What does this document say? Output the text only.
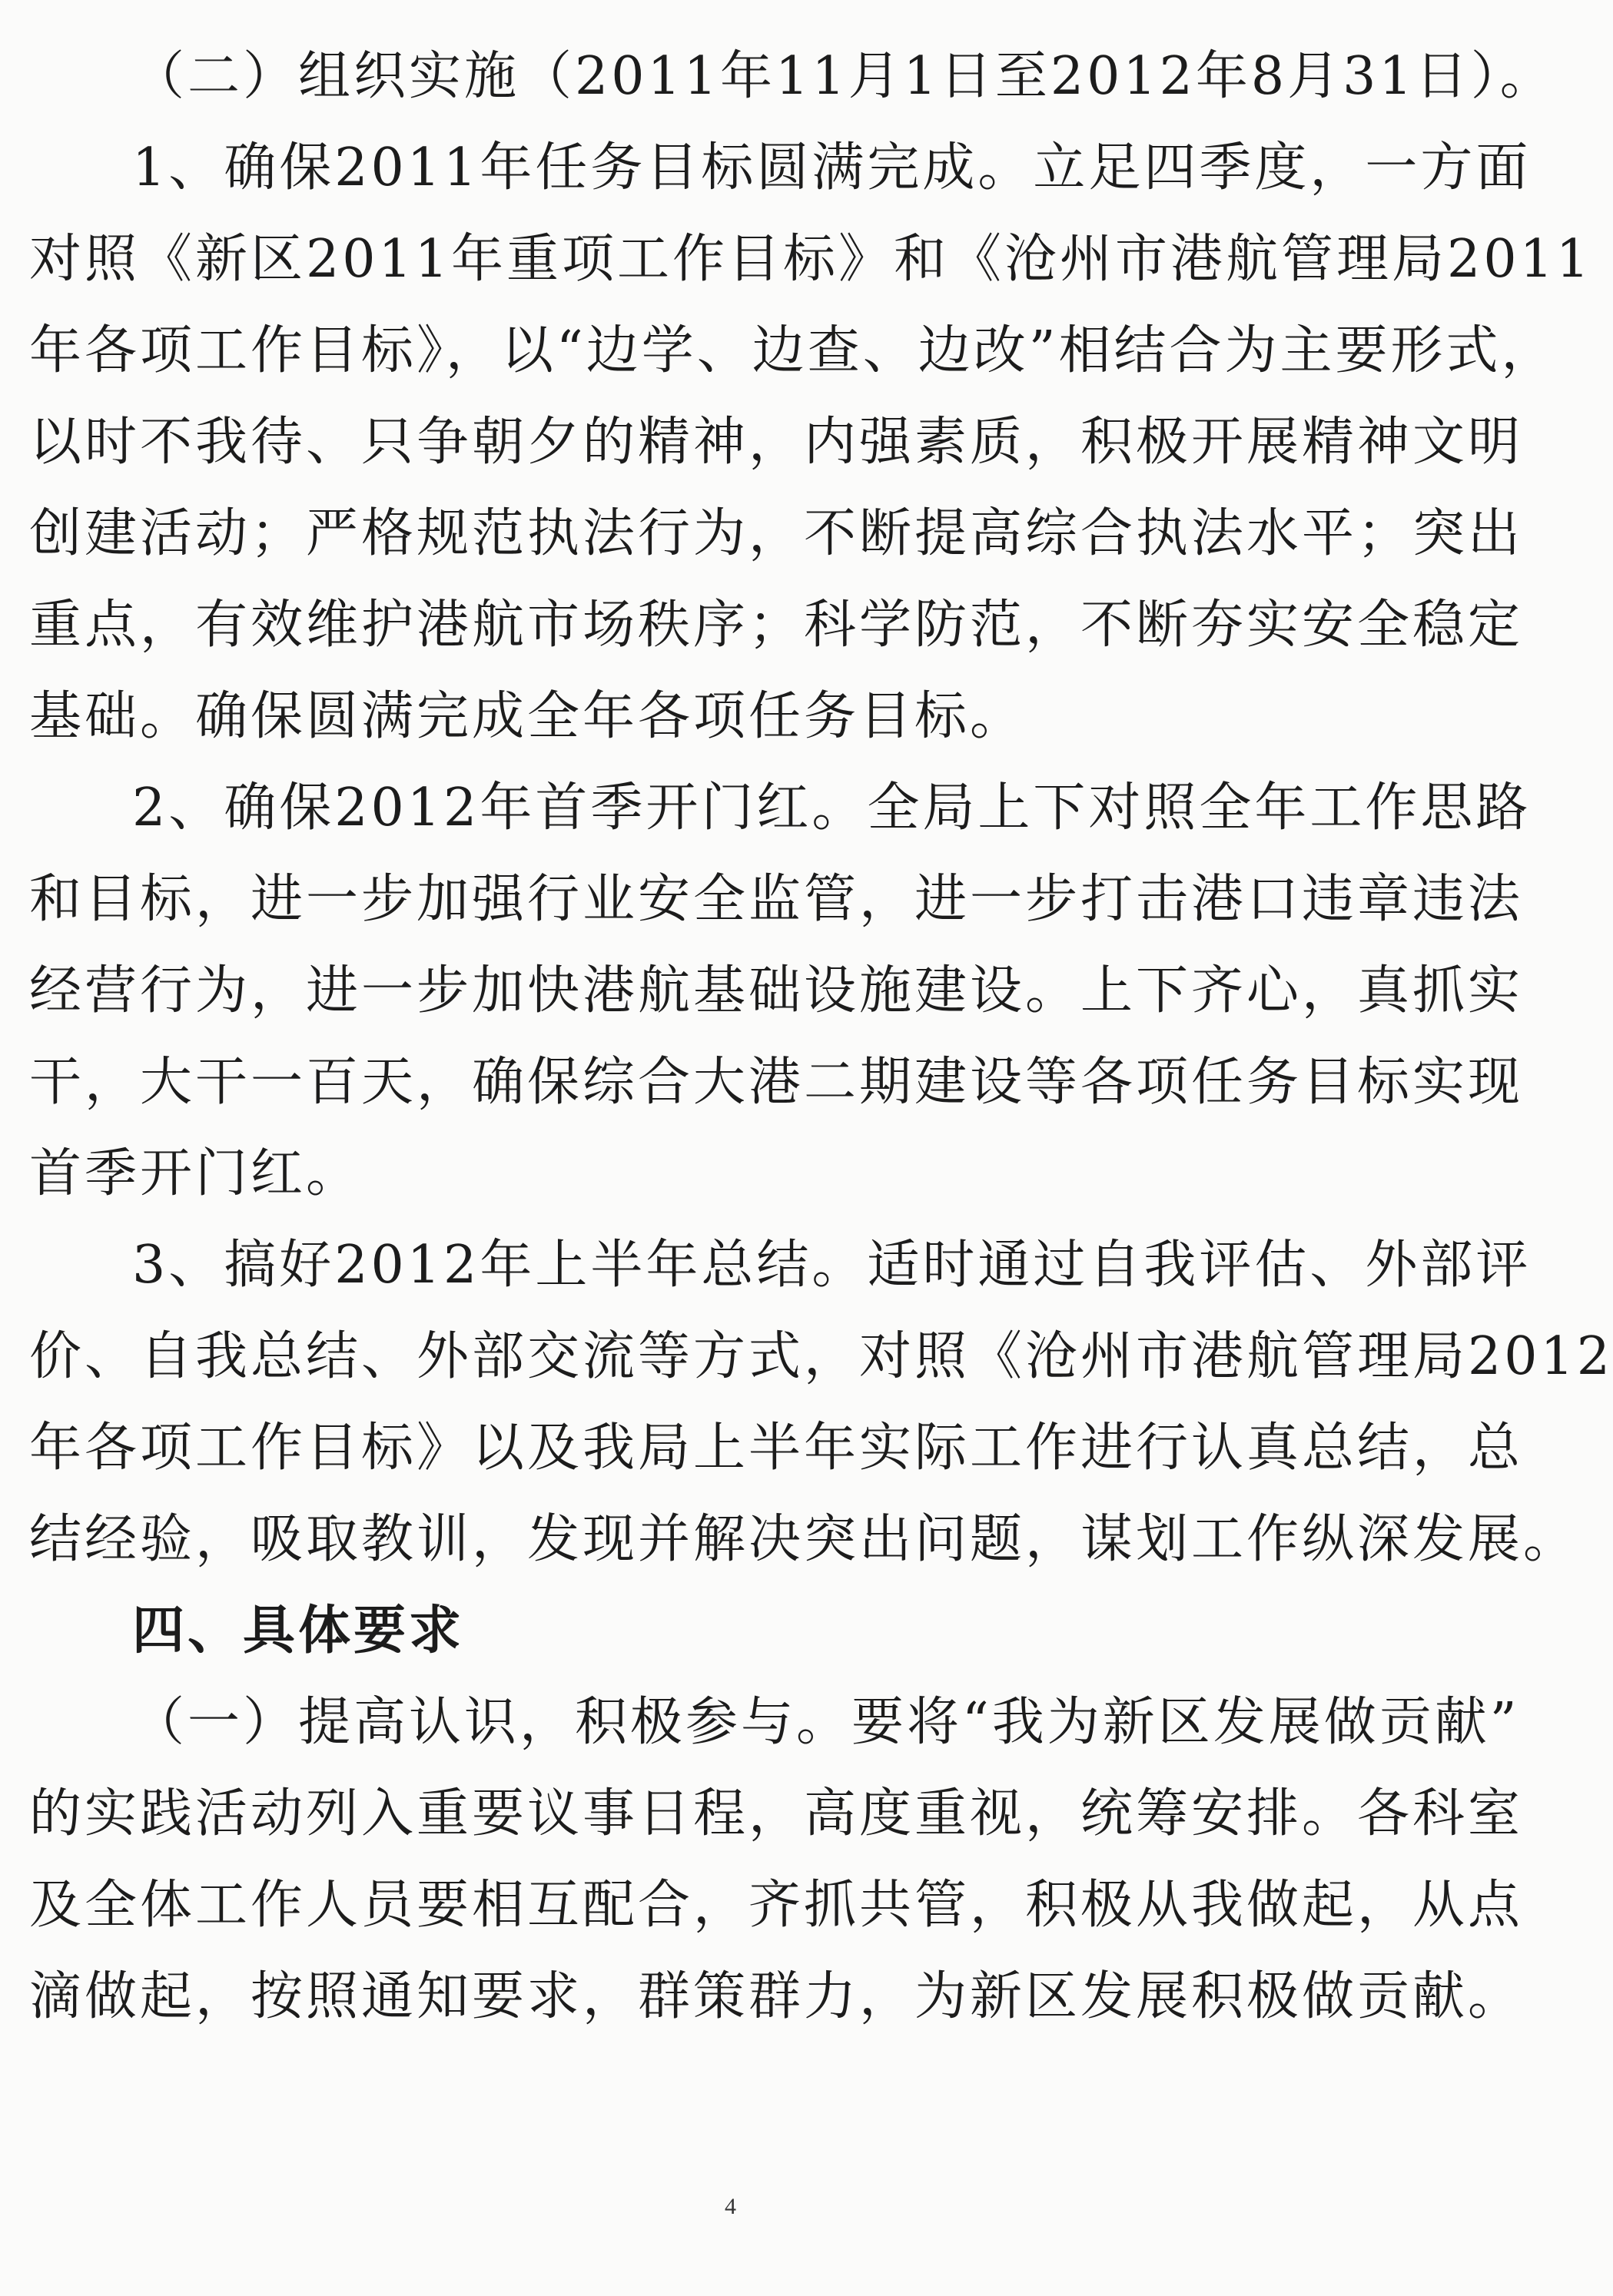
（二）组织实施（2011年11月1日至2012年8月31日）。
1、确保2011年任务目标圆满完成。立足四季度，一方面
对照《新区2011年重项工作目标》和《沧州市港航管理局2011
年各项工作目标》，以“边学、边查、边改”相结合为主要形式，
以时不我待、只争朝夕的精神，内强素质，积极开展精神文明
创建活动；严格规范执法行为，不断提高综合执法水平；突出
重点，有效维护港航市场秩序；科学防范，不断夯实安全稳定
基础。确保圆满完成全年各项任务目标。
2、确保2012年首季开门红。全局上下对照全年工作思路
和目标，进一步加强行业安全监管，进一步打击港口违章违法
经营行为，进一步加快港航基础设施建设。上下齐心，真抓实
干，大干一百天，确保综合大港二期建设等各项任务目标实现
首季开门红。
3、搞好2012年上半年总结。适时通过自我评估、外部评
价、自我总结、外部交流等方式，对照《沧州市港航管理局2012
年各项工作目标》以及我局上半年实际工作进行认真总结，总
结经验，吸取教训，发现并解决突出问题，谋划工作纵深发展。
四、具体要求
（一）提高认识，积极参与。要将“我为新区发展做贡献”
的实践活动列入重要议事日程，高度重视，统筹安排。各科室
及全体工作人员要相互配合，齐抓共管，积极从我做起，从点
滴做起，按照通知要求，群策群力，为新区发展积极做贡献。
4
